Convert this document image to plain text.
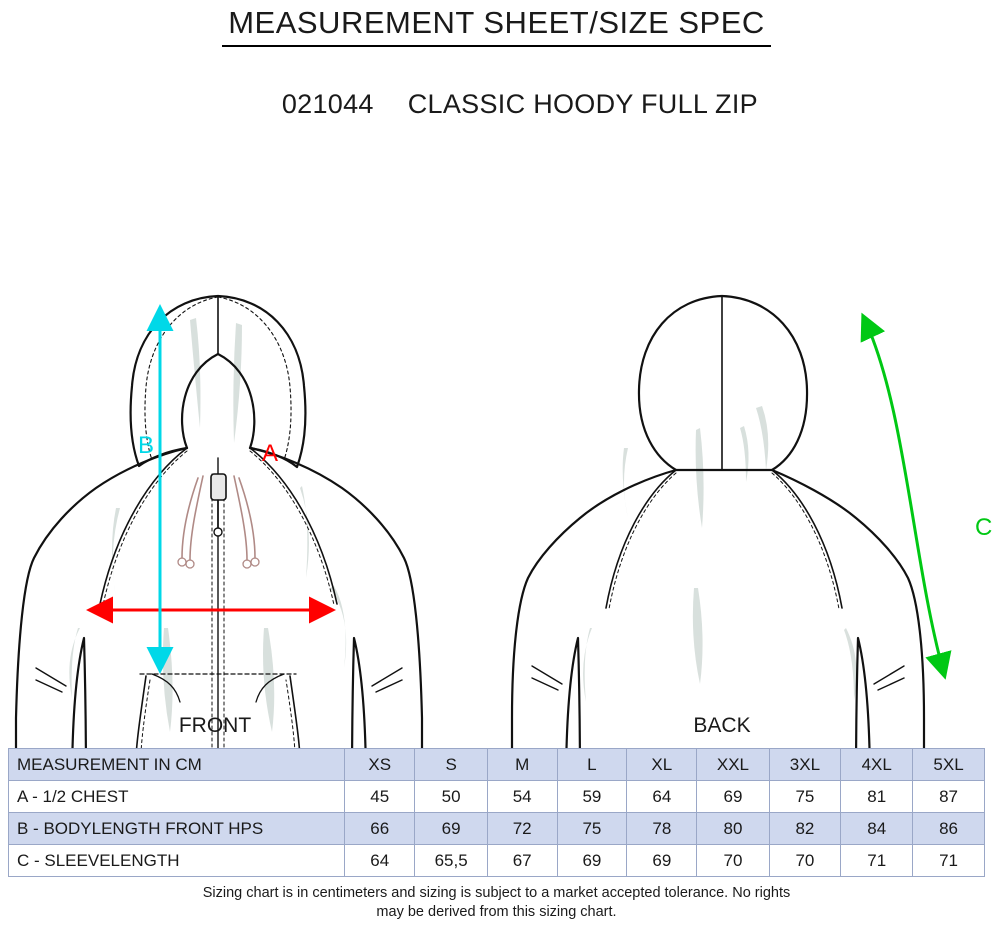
MEASUREMENT SHEET/SIZE SPEC

021044 CLASSIC HOODY FULL ZIP

A
B
C
FRONT	BACK
MEASUREMENT IN CM	XS	S	M	L	XL	XXL	3XL	4XL	5XL
A - 1/2 CHEST	45	50	54	59	64	69	75	81	87
B - BODYLENGTH FRONT HPS	66	69	72	75	78	80	82	84	86
C - SLEEVELENGTH	64	65,5	67	69	69	70	70	71	71
Sizing chart is in centimeters and sizing is subject to a market accepted tolerance. No rights
may be derived from this sizing chart.
